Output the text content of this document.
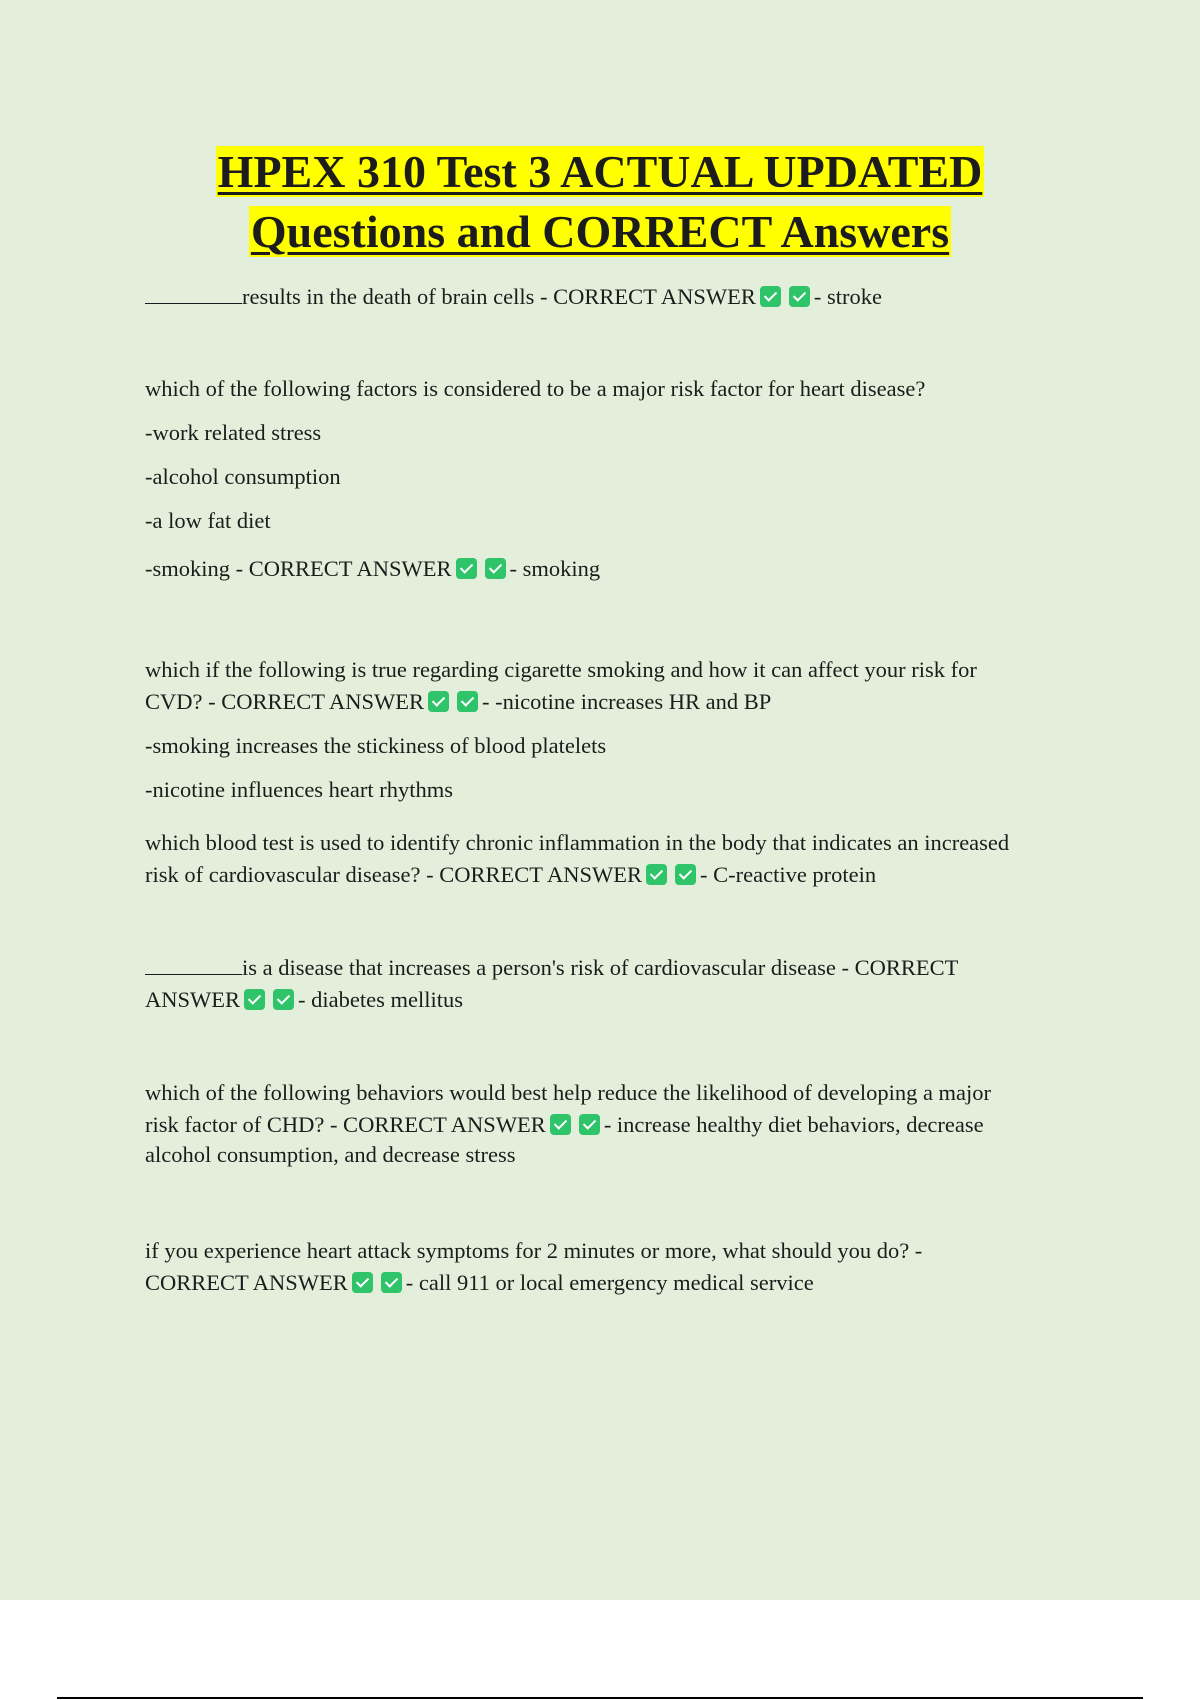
HPEX 310 Test 3 ACTUAL UPDATED
Questions and CORRECT Answers
results in the death of brain cells - CORRECT ANSWER	- stroke
which of the following factors is considered to be a major risk factor for heart disease?
-work related stress
-alcohol consumption
-a low fat diet
-smoking - CORRECT ANSWER	- smoking
which if the following is true regarding cigarette smoking and how it can affect your risk for
CVD? - CORRECT ANSWER	- -nicotine increases HR and BP
-smoking increases the stickiness of blood platelets
-nicotine influences heart rhythms
which blood test is used to identify chronic inflammation in the body that indicates an increased
risk of cardiovascular disease? - CORRECT ANSWER	- C-reactive protein
is a disease that increases a person's risk of cardiovascular disease - CORRECT
ANSWER	- diabetes mellitus
which of the following behaviors would best help reduce the likelihood of developing a major
risk factor of CHD? - CORRECT ANSWER	- increase healthy diet behaviors, decrease
alcohol consumption, and decrease stress
if you experience heart attack symptoms for 2 minutes or more, what should you do? -
CORRECT ANSWER	- call 911 or local emergency medical service
